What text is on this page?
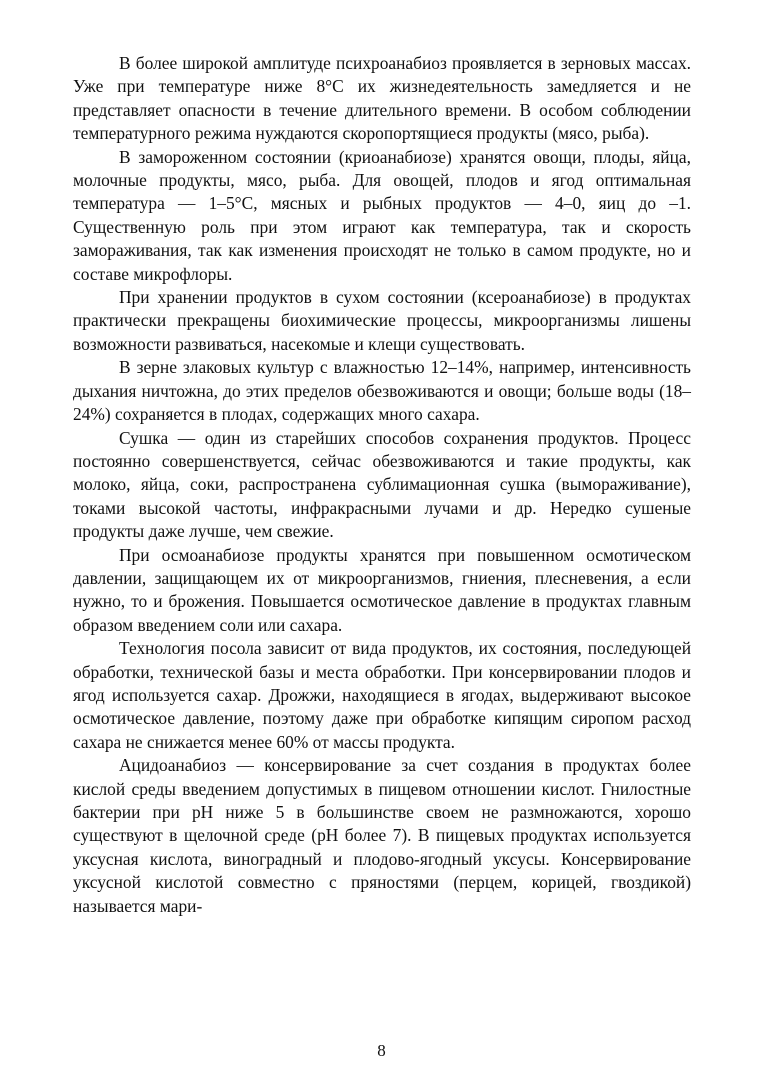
В более широкой амплитуде психроанабиоз проявляется в зерновых массах. Уже при температуре ниже 8°С их жизнедеятельность замедляется и не представляет опасности в течение длительного времени. В особом соблюдении температурного режима нуждаются скоропортящиеся продукты (мясо, рыба).

В замороженном состоянии (криоанабиозе) хранятся овощи, плоды, яйца, молочные продукты, мясо, рыба. Для овощей, плодов и ягод оптимальная температура — 1–5°С, мясных и рыбных продуктов — 4–0, яиц до –1. Существенную роль при этом играют как температура, так и скорость замораживания, так как изменения происходят не только в самом продукте, но и составе микрофлоры.

При хранении продуктов в сухом состоянии (ксероанабиозе) в продуктах практически прекращены биохимические процессы, микроорганизмы лишены возможности развиваться, насекомые и клещи существовать.

В зерне злаковых культур с влажностью 12–14%, например, интенсивность дыхания ничтожна, до этих пределов обезвоживаются и овощи; больше воды (18–24%) сохраняется в плодах, содержащих много сахара.

Сушка — один из старейших способов сохранения продуктов. Процесс постоянно совершенствуется, сейчас обезвоживаются и такие продукты, как молоко, яйца, соки, распространена сублимационная сушка (вымораживание), токами высокой частоты, инфракрасными лучами и др. Нередко сушеные продукты даже лучше, чем свежие.

При осмоанабиозе продукты хранятся при повышенном осмотическом давлении, защищающем их от микроорганизмов, гниения, плесневения, а если нужно, то и брожения. Повышается осмотическое давление в продуктах главным образом введением соли или сахара.

Технология посола зависит от вида продуктов, их состояния, последующей обработки, технической базы и места обработки. При консервировании плодов и ягод используется сахар. Дрожжи, находящиеся в ягодах, выдерживают высокое осмотическое давление, поэтому даже при обработке кипящим сиропом расход сахара не снижается менее 60% от массы продукта.

Ацидоанабиоз — консервирование за счет создания в продуктах более кислой среды введением допустимых в пищевом отношении кислот. Гнилостные бактерии при рН ниже 5 в большинстве своем не размножаются, хорошо существуют в щелочной среде (рН более 7). В пищевых продуктах используется уксусная кислота, виноградный и плодово-ягодный уксусы. Консервирование уксусной кислотой совместно с пряностями (перцем, корицей, гвоздикой) называется мари-

8
